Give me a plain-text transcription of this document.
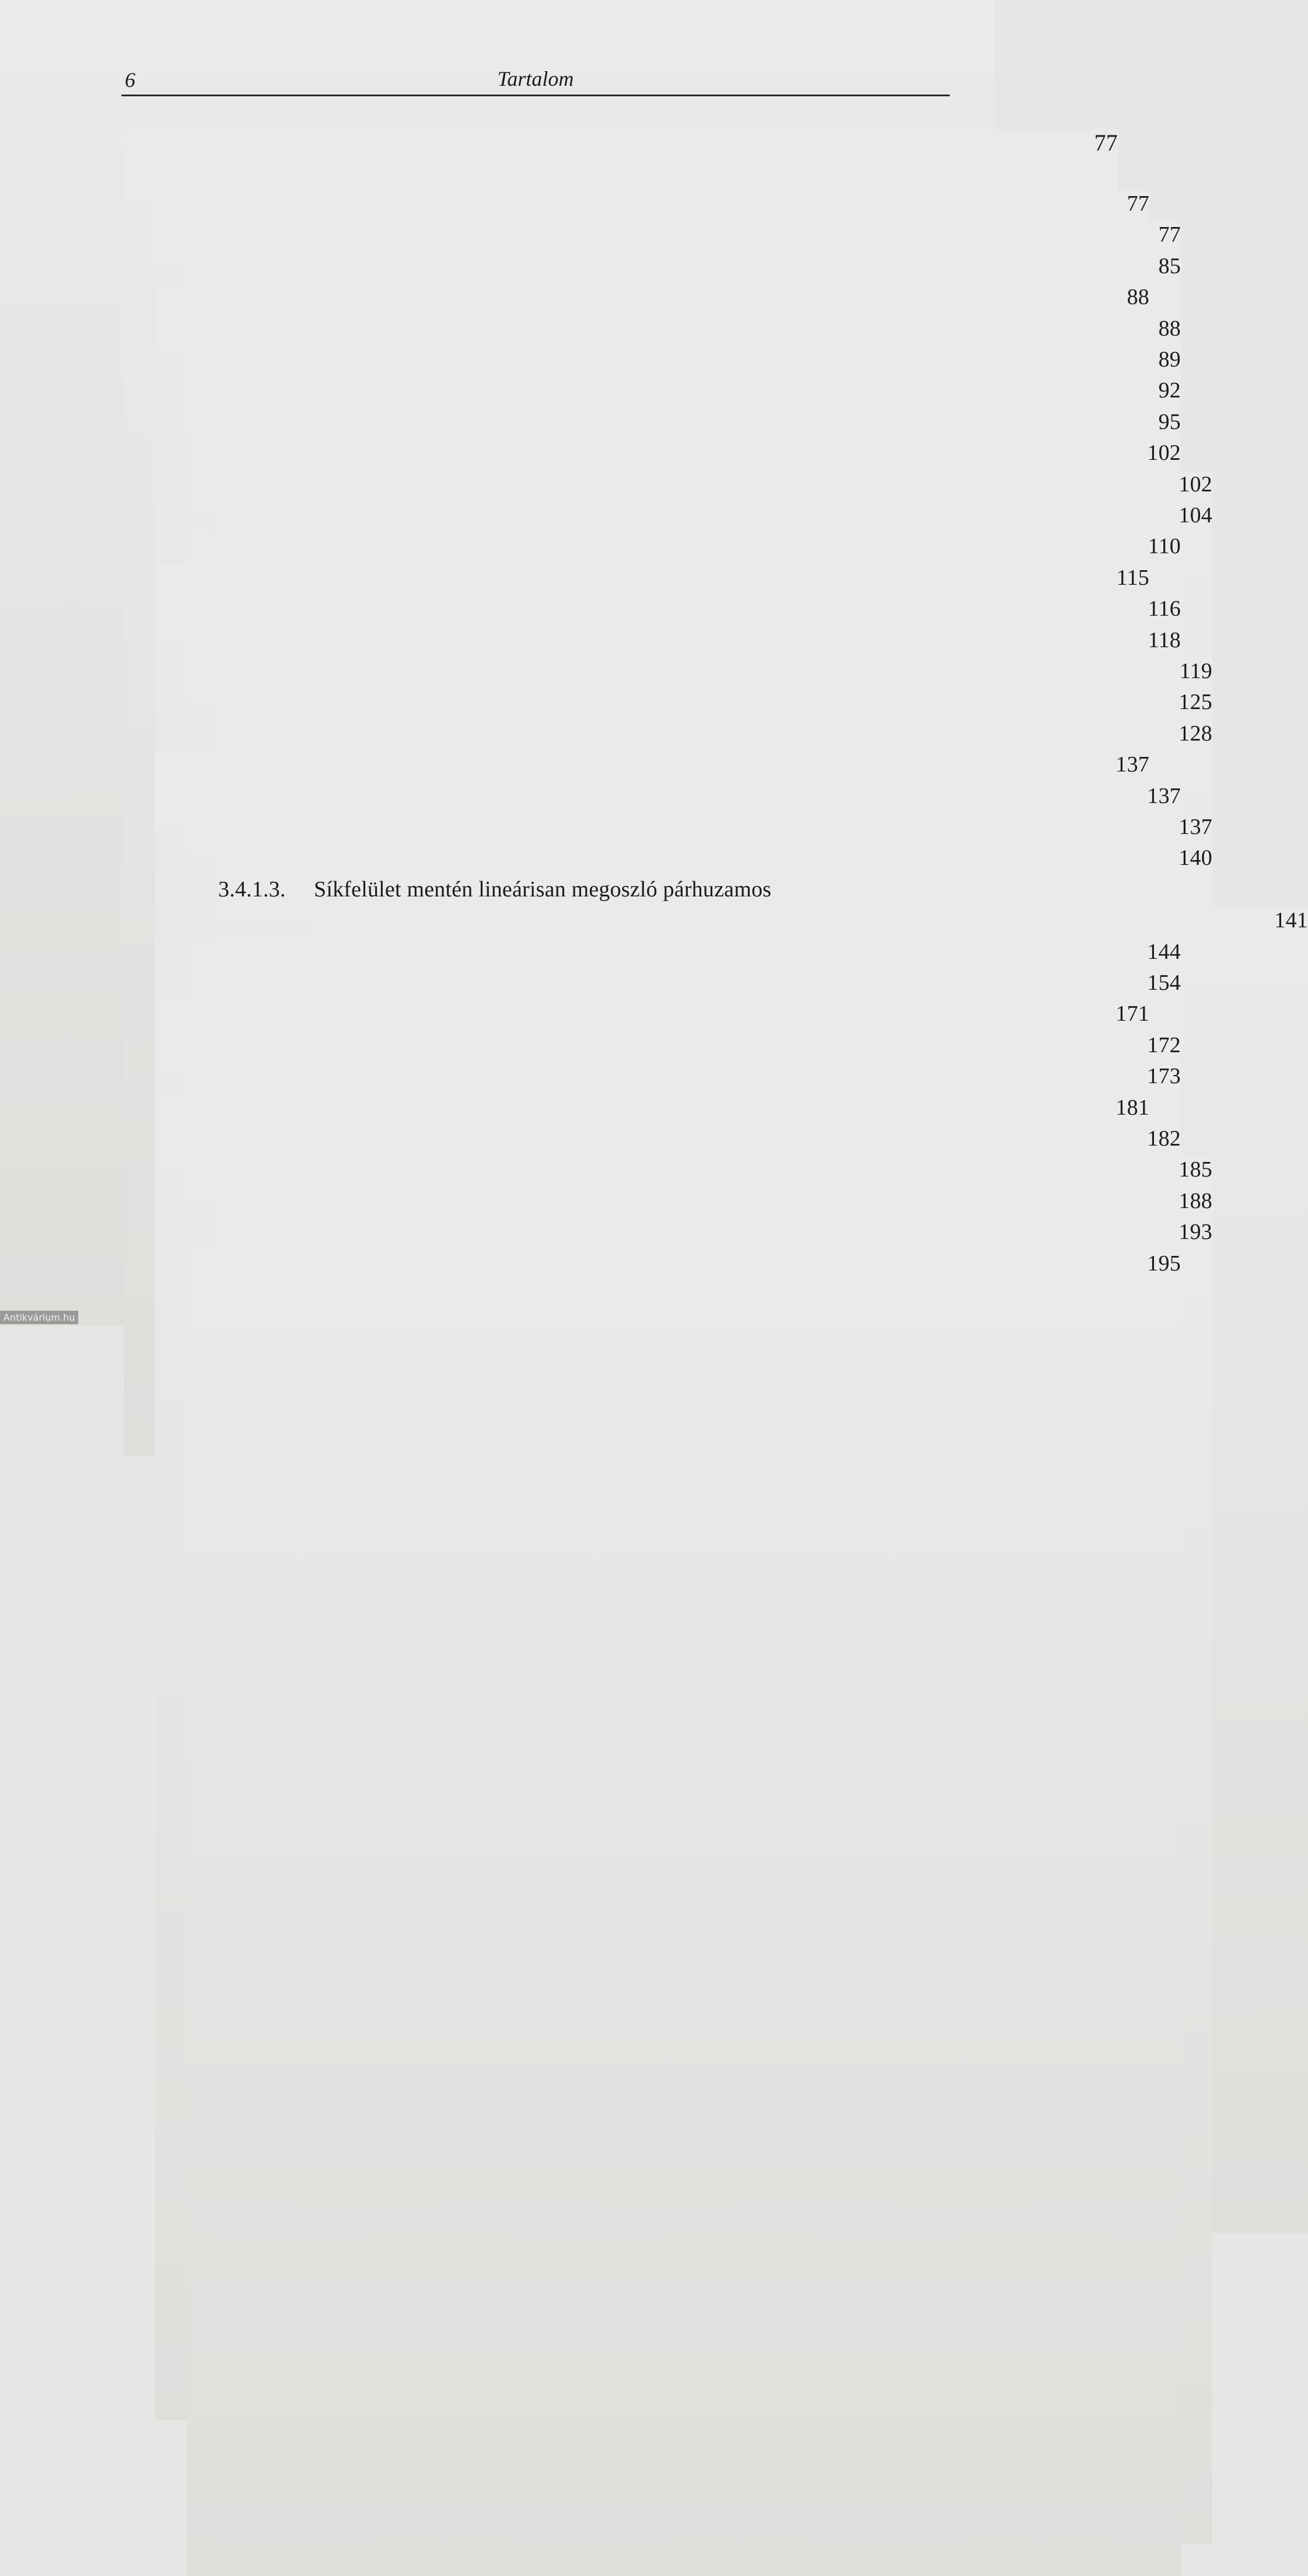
6	Tartalom
77
77
77
85
88
88
89
92
95
102
102
104
110
115
116
118
119
125
128
137
137
137
140
3.4.1.3.	Síkfelület mentén lineárisan megoszló párhuzamos
141
144
154
171
172
173
181
182
185
188
193
195
Antikvárium.hu
